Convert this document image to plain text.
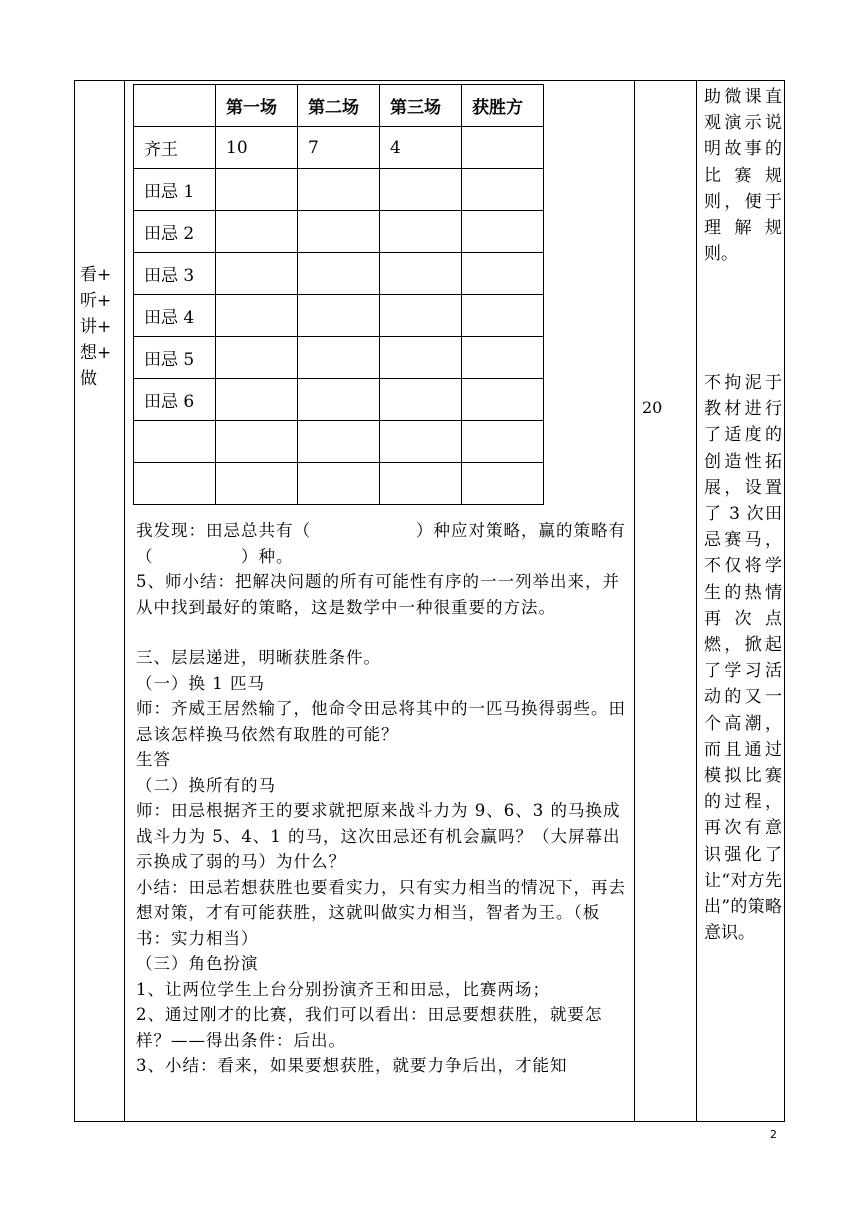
看+
听+
讲+
想+
做
	第一场	第二场	第三场	获胜方
齐王	10	7	4	
田忌 1				
田忌 2				
田忌 3				
田忌 4				
田忌 5				
田忌 6				

我发现：田忌总共有（　　　　　　）种应对策略，赢的策略有（　　　　　）种。

5、师小结：把解决问题的所有可能性有序的一一列举出来，并从中找到最好的策略，这是数学中一种很重要的方法。

三、层层递进，明晰获胜条件。

（一）换 1 匹马

师：齐威王居然输了，他命令田忌将其中的一匹马换得弱些。田忌该怎样换马依然有取胜的可能？

生答

（二）换所有的马

师：田忌根据齐王的要求就把原来战斗力为 9、6、3 的马换成战斗力为 5、4、1 的马，这次田忌还有机会赢吗？（大屏幕出示换成了弱的马）为什么？

小结：田忌若想获胜也要看实力，只有实力相当的情况下，再去想对策，才有可能获胜，这就叫做实力相当，智者为王。（板书：实力相当）

（三）角色扮演

1、让两位学生上台分别扮演齐王和田忌，比赛两场；

2、通过刚才的比赛，我们可以看出：田忌要想获胜，就要怎样？——得出条件：后出。

3、小结：看来，如果要想获胜，就要力争后出，才能知

20
助微课直观演示说明故事的比赛规则，便于理解规则。
不拘泥于教材进行了适度的创造性拓展，设置了 3 次田忌赛马，不仅将学生的热情再次点燃，掀起了学习活动的又一个高潮，而且通过模拟比赛的过程，再次有意识强化了让“对方先出”的策略意识。
2
